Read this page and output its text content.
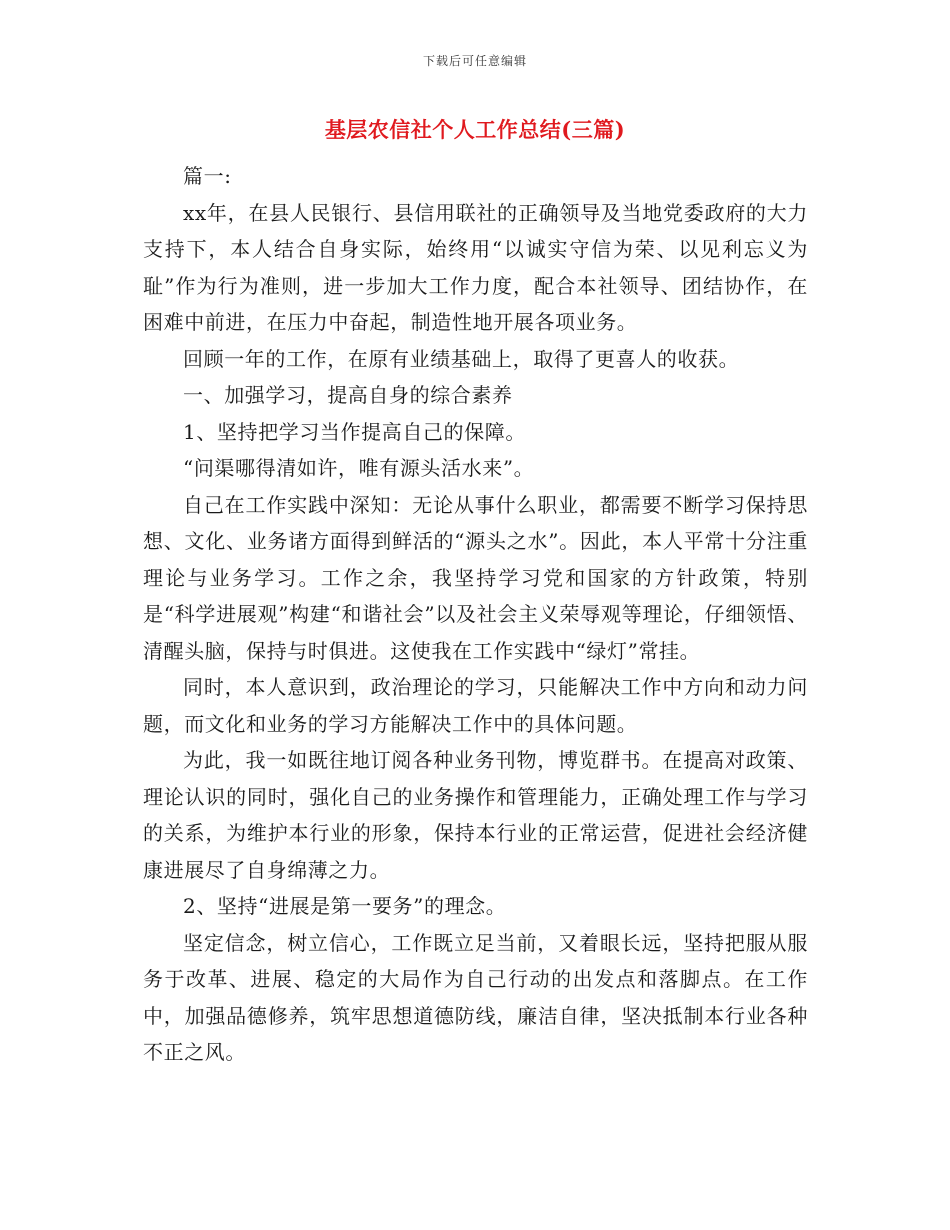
下载后可任意编辑
基层农信社个人工作总结(三篇)

篇一:

xx年，在县人民银行、县信用联社的正确领导及当地党委政府的大力支持下，本人结合自身实际，始终用“以诚实守信为荣、以见利忘义为耻”作为行为准则，进一步加大工作力度，配合本社领导、团结协作，在困难中前进，在压力中奋起，制造性地开展各项业务。

回顾一年的工作，在原有业绩基础上，取得了更喜人的收获。

一、加强学习，提高自身的综合素养

1、坚持把学习当作提高自己的保障。

“问渠哪得清如许，唯有源头活水来”。

自己在工作实践中深知：无论从事什么职业，都需要不断学习保持思想、文化、业务诸方面得到鲜活的“源头之水”。因此，本人平常十分注重理论与业务学习。工作之余，我坚持学习党和国家的方针政策，特别是“科学进展观”构建“和谐社会”以及社会主义荣辱观等理论，仔细领悟、清醒头脑，保持与时俱进。这使我在工作实践中“绿灯”常挂。

同时，本人意识到，政治理论的学习，只能解决工作中方向和动力问题，而文化和业务的学习方能解决工作中的具体问题。

为此，我一如既往地订阅各种业务刊物，博览群书。在提高对政策、理论认识的同时，强化自己的业务操作和管理能力，正确处理工作与学习的关系，为维护本行业的形象，保持本行业的正常运营，促进社会经济健康进展尽了自身绵薄之力。

2、坚持“进展是第一要务”的理念。

坚定信念，树立信心，工作既立足当前，又着眼长远，坚持把服从服务于改革、进展、稳定的大局作为自己行动的出发点和落脚点。在工作中，加强品德修养，筑牢思想道德防线，廉洁自律，坚决抵制本行业各种不正之风。
